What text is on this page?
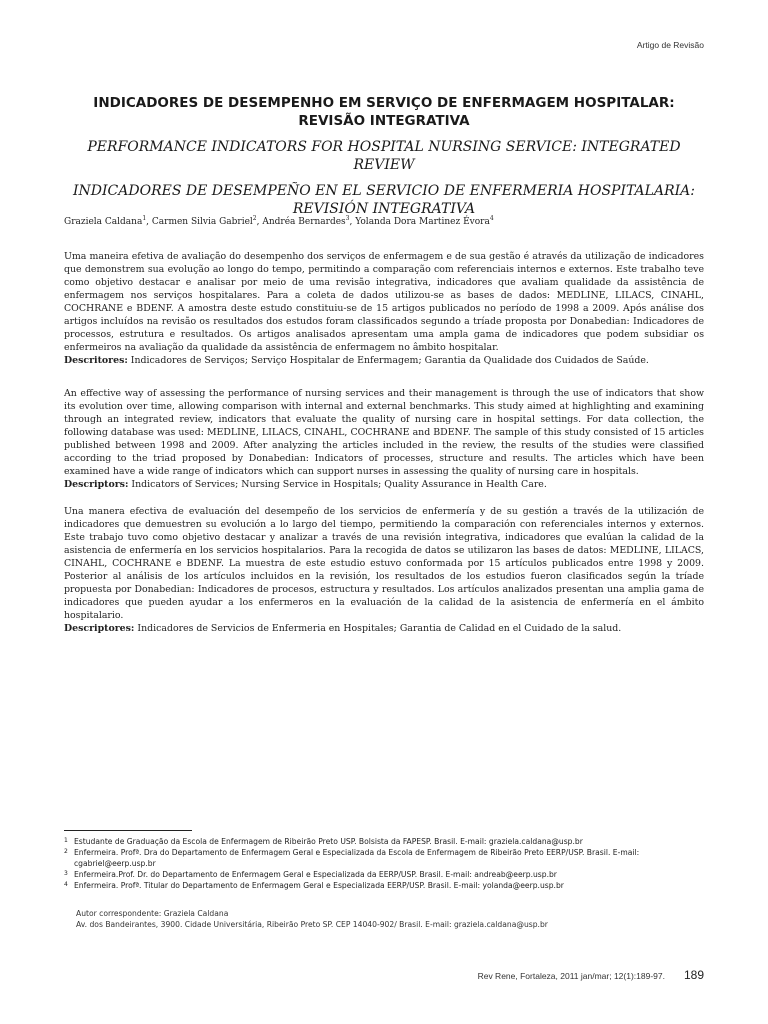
Artigo de Revisão

INDICADORES DE DESEMPENHO EM SERVIÇO DE ENFERMAGEM HOSPITALAR:
REVISÃO INTEGRATIVA

PERFORMANCE INDICATORS FOR HOSPITAL NURSING SERVICE: INTEGRATED REVIEW

INDICADORES DE DESEMPEÑO EN EL SERVICIO DE ENFERMERIA HOSPITALARIA:
REVISIÓN INTEGRATIVA

Graziela Caldana$^1$, Carmen Silvia Gabriel$^2$, Andréa Bernardes$^3$, Yolanda Dora Martinez Évora$^4$

Uma maneira efetiva de avaliação do desempenho dos serviços de enfermagem e de sua gestão é através da utilização de indicadores que demonstrem sua evolução ao longo do tempo, permitindo a comparação com referenciais internos e externos. Este trabalho teve como objetivo destacar e analisar por meio de uma revisão integrativa, indicadores que avaliam qualidade da assistência de enfermagem nos serviços hospitalares. Para a coleta de dados utilizou-se as bases de dados: MEDLINE, LILACS, CINAHL, COCHRANE e BDENF. A amostra deste estudo constituiu-se de 15 artigos publicados no período de 1998 a 2009. Após análise dos artigos incluídos na revisão os resultados dos estudos foram classificados segundo a tríade proposta por Donabedian: Indicadores de processos, estrutura e resultados. Os artigos analisados apresentam uma ampla gama de indicadores que podem subsidiar os enfermeiros na avaliação da qualidade da assistência de enfermagem no âmbito hospitalar.
Descritores: Indicadores de Serviços; Serviço Hospitalar de Enfermagem; Garantia da Qualidade dos Cuidados de Saúde.

An effective way of assessing the performance of nursing services and their management is through the use of indicators that show its evolution over time, allowing comparison with internal and external benchmarks. This study aimed at highlighting and examining through an integrated review, indicators that evaluate the quality of nursing care in hospital settings. For data collection, the following database was used: MEDLINE, LILACS, CINAHL, COCHRANE and BDENF. The sample of this study consisted of 15 articles published between 1998 and 2009. After analyzing the articles included in the review, the results of the studies were classified according to the triad proposed by Donabedian: Indicators of processes, structure and results. The articles which have been examined have a wide range of indicators which can support nurses in assessing the quality of nursing care in hospitals.
Descriptors: Indicators of Services; Nursing Service in Hospitals; Quality Assurance in Health Care.

Una manera efectiva de evaluación del desempeño de los servicios de enfermería y de su gestión a través de la utilización de indicadores que demuestren su evolución a lo largo del tiempo, permitiendo la comparación con referenciales internos y externos. Este trabajo tuvo como objetivo destacar y analizar a través de una revisión integrativa, indicadores que evalúan la calidad de la asistencia de enfermería en los servicios hospitalarios. Para la recogida de datos se utilizaron las bases de datos: MEDLINE, LILACS, CINAHL, COCHRANE e BDENF. La muestra de este estudio estuvo conformada por 15 artículos publicados entre 1998 y 2009. Posterior al análisis de los artículos incluidos en la revisión, los resultados de los estudios fueron clasificados según la tríade propuesta por Donabedian: Indicadores de procesos, estructura y resultados. Los artículos analizados presentan una amplia gama de indicadores que pueden ayudar a los enfermeros en la evaluación de la calidad de la asistencia de enfermería en el ámbito hospitalario.
Descriptores: Indicadores de Servicios de Enfermeria en Hospitales; Garantia de Calidad en el Cuidado de la salud.

1 Estudante de Graduação da Escola de Enfermagem de Ribeirão Preto USP. Bolsista da FAPESP. Brasil. E-mail: graziela.caldana@usp.br
2 Enfermeira. Profª. Dra do Departamento de Enfermagem Geral e Especializada da Escola de Enfermagem de Ribeirão Preto EERP/USP. Brasil. E-mail: cgabriel@eerp.usp.br
3 Enfermeira.Prof. Dr. do Departamento de Enfermagem Geral e Especializada da EERP/USP. Brasil. E-mail: andreab@eerp.usp.br
4 Enfermeira. Profª. Titular do Departamento de Enfermagem Geral e Especializada EERP/USP. Brasil. E-mail: yolanda@eerp.usp.br
Autor correspondente: Graziela Caldana
Av. dos Bandeirantes, 3900. Cidade Universitária, Ribeirão Preto SP. CEP 14040-902/ Brasil. E-mail: graziela.caldana@usp.br
Rev Rene, Fortaleza, 2011 jan/mar; 12(1):189-97. 189
